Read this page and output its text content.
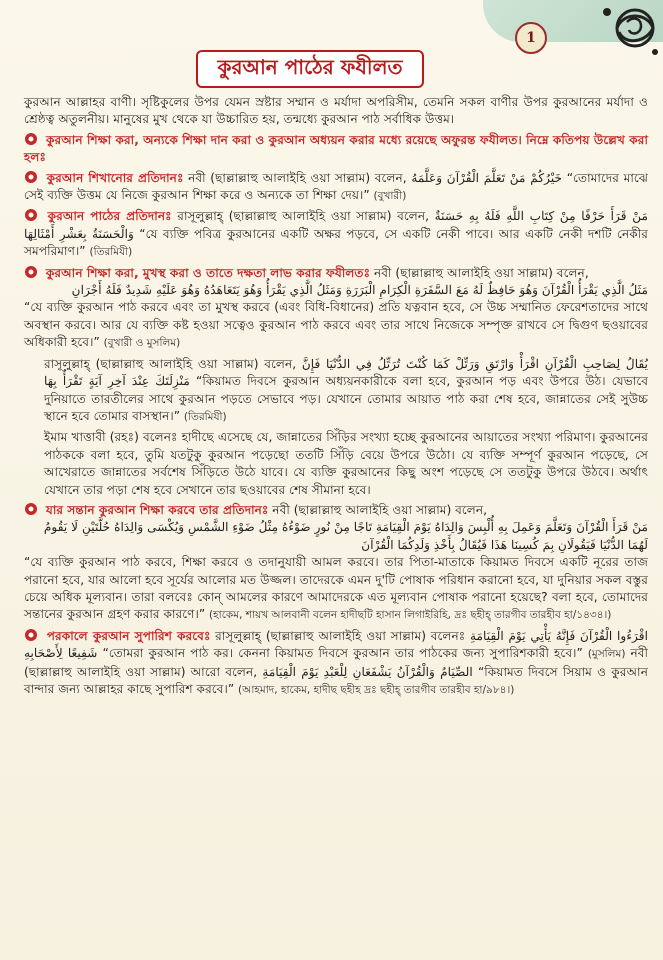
1
কুরআন পাঠের ফযীলত

কুরআন আল্লাহর বাণী। সৃষ্টিকুলের উপর যেমন স্রষ্টার সম্মান ও মর্যাদা অপরিসীম, তেমনি সকল বাণীর উপর কুরআনের মর্যাদা ও শ্রেষ্ঠত্ব অতুলনীয়। মানুষের মুখ থেকে যা উচ্চারিত হয়, তন্মধ্যে কুরআন পাঠ সর্বাধিক উত্তম।

কুরআন শিক্ষা করা, অন্যকে শিক্ষা দান করা ও কুরআন অধ্যয়ন করার মধ্যে রয়েছে অফুরন্ত ফযীলত। নিম্নে কতিপয় উল্লেখ করা হলঃ

কুরআন শিখানোর প্রতিদানঃ নবী (ছাল্লাল্লাহু আলাইহি ওয়া সাল্লাম) বলেন, خَيْرُكُمْ مَنْ تَعَلَّمَ الْقُرْآنَ وَعَلَّمَهُ “তোমাদের মাঝে সেই ব্যক্তি উত্তম যে নিজে কুরআন শিক্ষা করে ও অন্যকে তা শিক্ষা দেয়।” (বুখারী)

কুরআন পাঠের প্রতিদানঃ রাসূলুল্লাহ্ (ছাল্লাল্লাহু আলাইহি ওয়া সাল্লাম) বলেন, مَنْ قَرَأَ حَرْفًا مِنْ كِتَابِ اللَّهِ فَلَهُ بِهِ حَسَنَةٌ وَالْحَسَنَةُ بِعَشْرِ أَمْثَالِهَا “যে ব্যক্তি পবিত্র কুরআনের একটি অক্ষর পড়বে, সে একটি নেকী পাবে। আর একটি নেকী দশটি নেকীর সমপরিমাণ।” (তিরমিযী)

কুরআন শিক্ষা করা, মুখস্থ করা ও তাতে দক্ষতা লাভ করার ফযীলতঃ নবী (ছাল্লাল্লাহু আলাইহি ওয়া সাল্লাম) বলেন,
مَثَلُ الَّذِي يَقْرَأُ الْقُرْآنَ وَهُوَ حَافِظٌ لَهُ مَعَ السَّفَرَةِ الْكِرَامِ الْبَرَرَةِ وَمَثَلُ الَّذِي يَقْرَأُ وَهُوَ يَتَعَاهَدُهُ وَهُوَ عَلَيْهِ شَدِيدٌ فَلَهُ أَجْرَانِ
“যে ব্যক্তি কুরআন পাঠ করবে এবং তা মুখস্থ করবে (এবং বিধি-বিধানের) প্রতি যত্নবান হবে, সে উচ্চ সম্মানিত ফেরেশতাদের সাথে অবস্থান করবে। আর যে ব্যক্তি কষ্ট হওয়া সত্বেও কুরআন পাঠ করবে এবং তার সাথে নিজেকে সম্পৃক্ত রাখবে সে দ্বিগুণ ছওয়াবের অধিকারী হবে।” (বুখারী ও মুসলিম)

রাসূলুল্লাহ্ (ছাল্লাল্লাহু আলাইহি ওয়া সাল্লাম) বলেন, يُقَالُ لِصَاحِبِ الْقُرْآنِ اقْرَأْ وَارْتَقِ وَرَتِّلْ كَمَا كُنْتَ تُرَتِّلُ فِي الدُّنْيَا فَإِنَّ مَنْزِلَتَكَ عِنْدَ آخِرِ آيَةٍ تَقْرَأُ بِهَا “কিয়ামত দিবসে কুরআন অধ্যয়নকারীকে বলা হবে, কুরআন পড় এবং উপরে উঠ। যেভাবে দুনিয়াতে তারতীলের সাথে কুরআন পড়তে সেভাবে পড়। যেখানে তোমার আয়াত পাঠ করা শেষ হবে, জান্নাতের সেই সুউচ্চ স্থানে হবে তোমার বাসস্থান।” (তিরমিযী)

ইমাম খাত্তাবী (রহঃ) বলেনঃ হাদীছে এসেছে যে, জান্নাতের সিঁড়ির সংখ্যা হচ্ছে কুরআনের আয়াতের সংখ্যা পরিমাণ। কুরআনের পাঠককে বলা হবে, তুমি যতটুকু কুরআন পড়েছো ততটি সিঁড়ি বেয়ে উপরে উঠো। যে ব্যক্তি সম্পূর্ণ কুরআন পড়েছে, সে আখেরাতে জান্নাতের সর্বশেষ সিঁড়িতে উঠে যাবে। যে ব্যক্তি কুরআনের কিছু অংশ পড়েছে সে ততটুকু উপরে উঠবে। অর্থাৎ যেখানে তার পড়া শেষ হবে সেখানে তার ছওয়াবের শেষ সীমানা হবে।

যার সন্তান কুরআন শিক্ষা করবে তার প্রতিদানঃ নবী (ছাল্লাল্লাহু আলাইহি ওয়া সাল্লাম) বলেন,
مَنْ قَرَأَ الْقُرْآنَ وَتَعَلَّمَ وَعَمِلَ بِهِ أُلْبِسَ وَالِدَاهُ يَوْمَ الْقِيَامَةِ تَاجًا مِنْ نُورٍ ضَوْءُهُ مِثْلُ ضَوْءِ الشَّمْسِ وَيُكْسَى وَالِدَاهُ حُلَّتَيْنِ لَا يَقُومُ لَهُمَا الدُّنْيَا فَيَقُولَانِ بِمَ كُسِينَا هَذَا فَيُقَالُ بِأَخْذِ وَلَدِكُمَا الْقُرْآنَ
“যে ব্যক্তি কুরআন পাঠ করবে, শিক্ষা করবে ও তদানুযায়ী আমল করবে। তার পিতা-মাতাকে কিয়ামত দিবসে একটি নূরের তাজ পরানো হবে, যার আলো হবে সূর্যের আলোর মত উজ্জল। তাদেরকে এমন দু'টি পোষাক পরিধান করানো হবে, যা দুনিয়ার সকল বস্তুর চেয়ে অধিক মূল্যবান। তারা বলবেঃ কোন্ আমলের কারণে আমাদেরকে এত মূল্যবান পোষাক পরানো হয়েছে? বলা হবে, তোমাদের সন্তানের কুরআন গ্রহণ করার কারণে।” (হাকেম, শায়খ আলবানী বলেন হাদীছটি হাসান লিগাইরিহি, দ্রঃ ছহীহ্ তারগীব তারহীব হা/১৪৩৪।)

পরকালে কুরআন সুপারিশ করবেঃ রাসূলুল্লাহ্ (ছাল্লাল্লাহু আলাইহি ওয়া সাল্লাম) বলেনঃ اقْرَءُوا الْقُرْآنَ فَإِنَّهُ يَأْتِي يَوْمَ الْقِيَامَةِ شَفِيعًا لِأَصْحَابِهِ “তোমরা কুরআন পাঠ কর। কেননা কিয়ামত দিবসে কুরআন তার পাঠকের জন্য সুপারিশকারী হবে।” (মুসলিম) নবী (ছাল্লাল্লাহু আলাইহি ওয়া সাল্লাম) আরো বলেন, الصِّيَامُ وَالْقُرْآنُ يَشْفَعَانِ لِلْعَبْدِ يَوْمَ الْقِيَامَةِ “কিয়ামত দিবসে সিয়াম ও কুরআন বান্দার জন্য আল্লাহর কাছে সুপারিশ করবে।” (আহমাদ, হাকেম, হাদীছ ছহীহ দ্রঃ ছহীহ্ তারগীব তারহীব হা/৯৮৪।)
